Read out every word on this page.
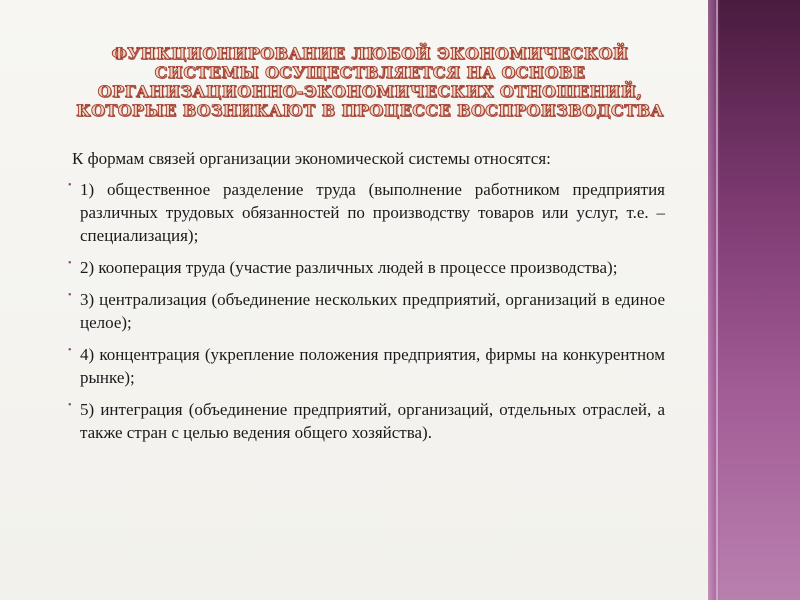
ФУНКЦИОНИРОВАНИЕ ЛЮБОЙ ЭКОНОМИЧЕСКОЙ СИСТЕМЫ ОСУЩЕСТВЛЯЕТСЯ НА ОСНОВЕ ОРГАНИЗАЦИОННО-ЭКОНОМИЧЕСКИХ ОТНОШЕНИЙ, КОТОРЫЕ ВОЗНИКАЮТ В ПРОЦЕССЕ ВОСПРОИЗВОДСТВА

К формам связей организации экономической системы относятся:

• 1) общественное разделение труда (выполнение работником предприятия различных трудовых обязанностей по производству товаров или услуг, т.е. – специализация);
• 2) кооперация труда (участие различных людей в процессе производства);
• 3) централизация (объединение нескольких предприятий, организаций в единое целое);
• 4) концентрация (укрепление положения предприятия, фирмы на конкурентном рынке);
• 5) интеграция (объединение предприятий, организаций, отдельных отраслей, а также стран с целью ведения общего хозяйства).
